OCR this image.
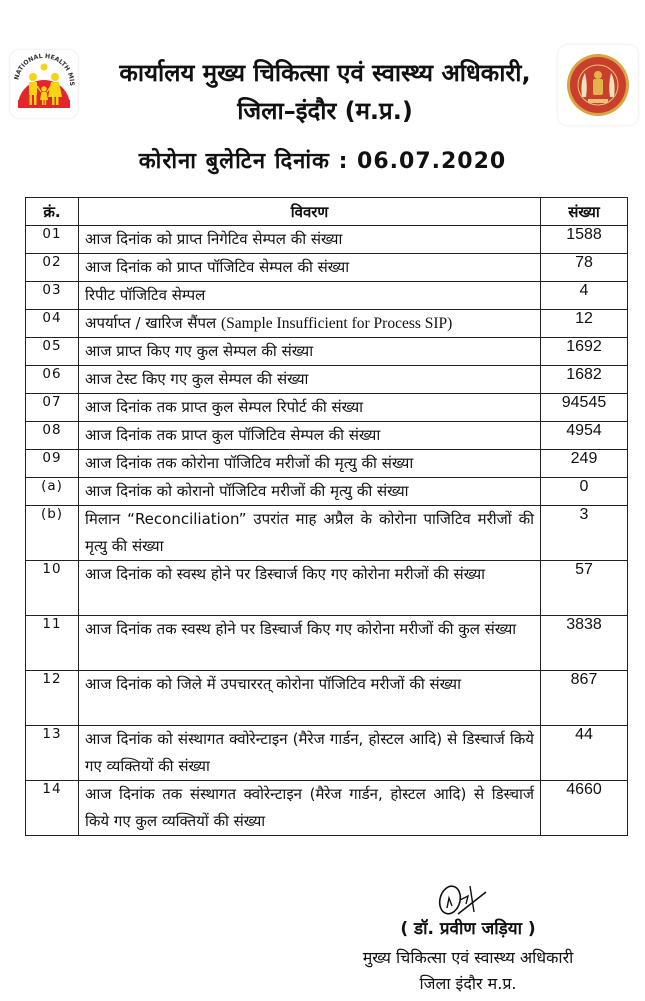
NATIONAL HEALTH MIS	कार्यालय मुख्य चिकित्सा एवं स्वास्थ्य अधिकारी,
जिला–इंदौर (म.प्र.)
कोरोना बुलेटिन दिनांक : 06.07.2020
क्रं.	विवरण	संख्या
01	आज दिनांक को प्राप्त निगेटिव सेम्पल की संख्या	1588
02	आज दिनांक को प्राप्त पॉजिटिव सेम्पल की संख्या	78
03	रिपीट पॉजिटिव सेम्पल	4
04	अपर्याप्त / खारिज सैंपल (Sample Insufficient for Process SIP)	12
05	आज प्राप्त किए गए कुल सेम्पल की संख्या	1692
06	आज टेस्ट किए गए कुल सेम्पल की संख्या	1682
07	आज दिनांक तक प्राप्त कुल सेम्पल रिपोर्ट की संख्या	94545
08	आज दिनांक तक प्राप्त कुल पॉजिटिव सेम्पल की संख्या	4954
09	आज दिनांक तक कोरोना पॉजिटिव मरीजों की मृत्यु की संख्या	249
(a)	आज दिनांक को कोरानो पॉजिटिव मरीजों की मृत्यु की संख्या	0
(b)	मिलान “Reconciliation” उपरांत माह अप्रैल के कोरोना पाजिटिव मरीजों की मृत्यु की संख्या	3
10	आज दिनांक को स्वस्थ होने पर डिस्चार्ज किए गए कोरोना मरीजों की संख्या	57
11	आज दिनांक तक स्वस्थ होने पर डिस्चार्ज किए गए कोरोना मरीजों की कुल संख्या	3838
12	आज दिनांक को जिले में उपचाररत् कोरोना पॉजिटिव मरीजों की संख्या	867
13	आज दिनांक को संस्थागत क्वोरेन्टाइन (मैरेज गार्डन, होस्टल आदि) से डिस्चार्ज किये गए व्यक्तियों की संख्या	44
14	आज दिनांक तक संस्थागत क्वोरेन्टाइन (मैरेज गार्डन, होस्टल आदि) से डिस्चार्ज किये गए कुल व्यक्तियों की संख्या	4660
( डॉ. प्रवीण जड़िया )
मुख्य चिकित्सा एवं स्वास्थ्य अधिकारी
जिला इंदौर म.प्र.
